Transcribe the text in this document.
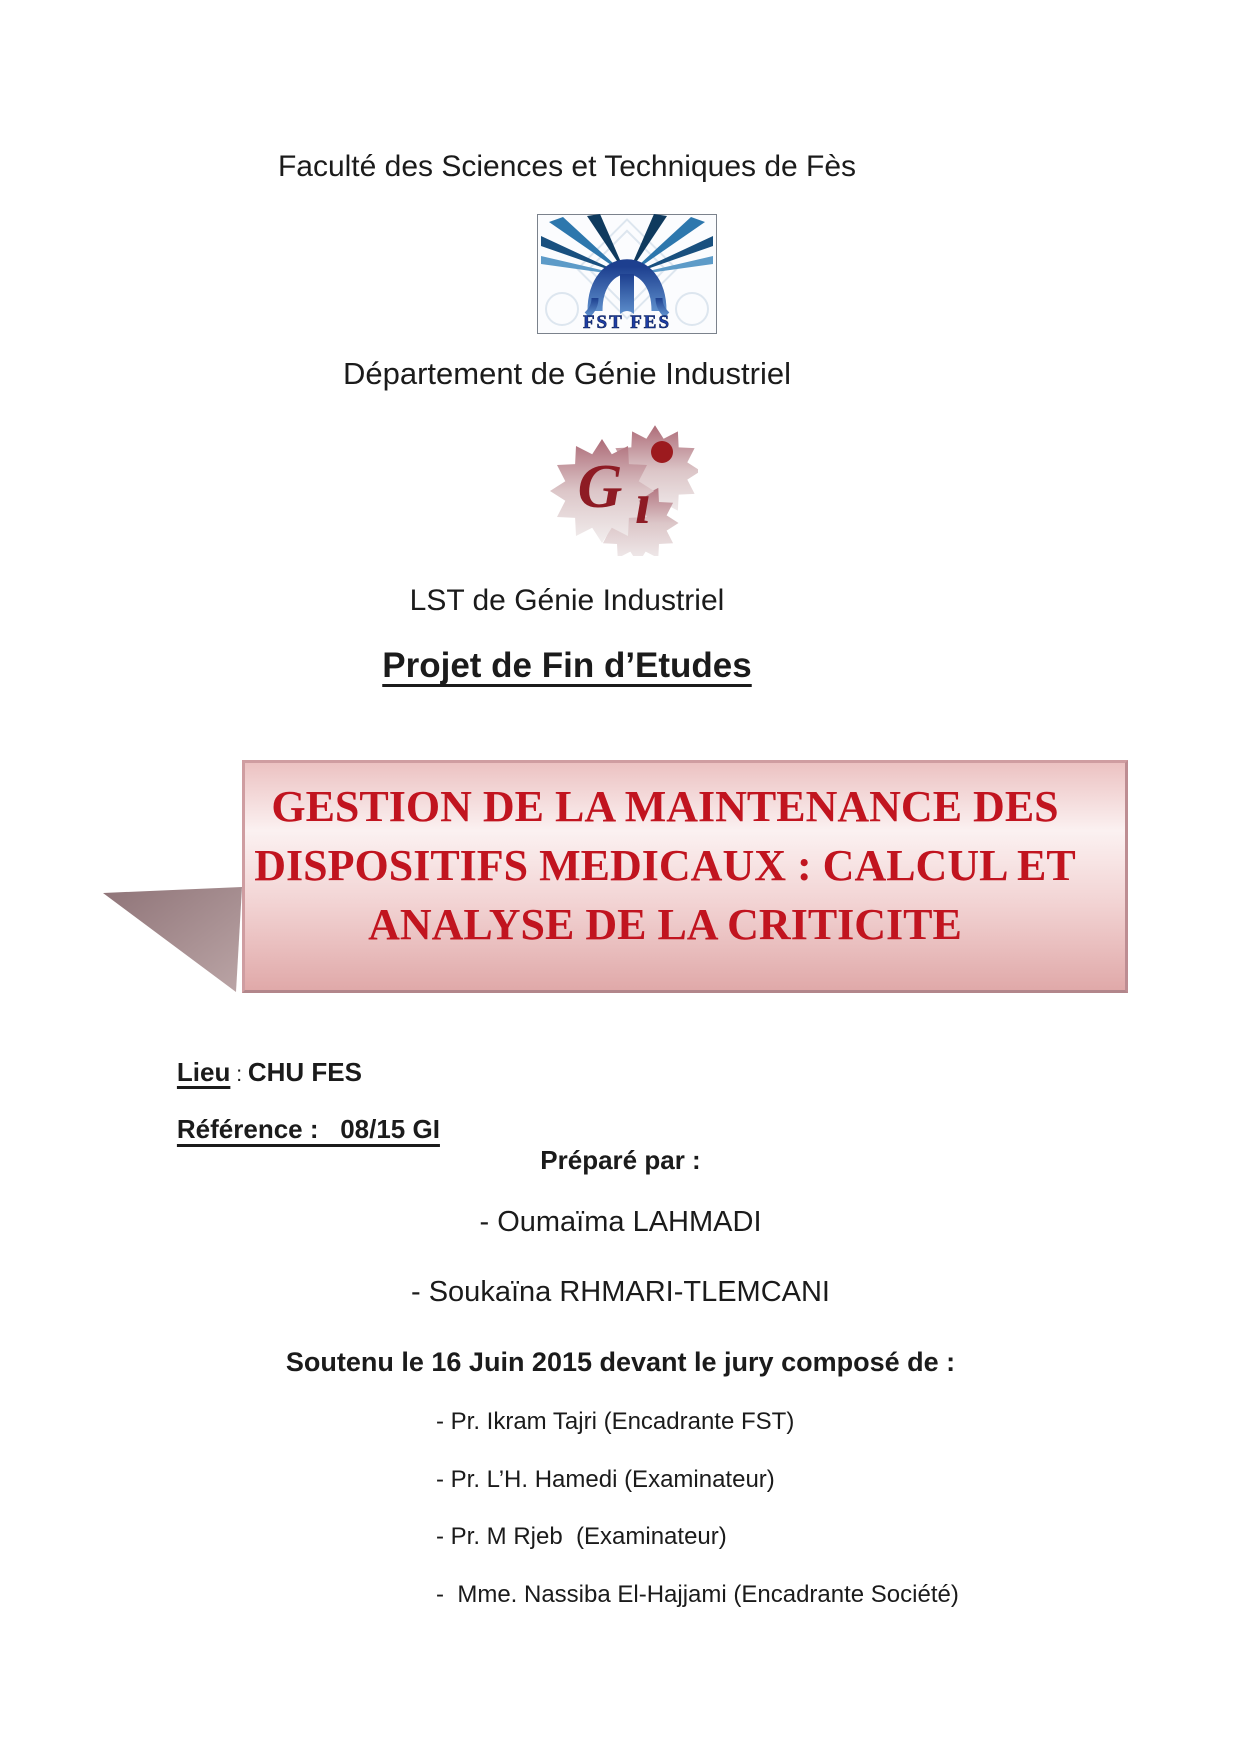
Faculté des Sciences et Techniques de Fès
FST FES
Département de Génie Industriel
G ı
LST de Génie Industriel
Projet de Fin d’Etudes
GESTION DE LA MAINTENANCE DES
DISPOSITIFS MEDICAUX : CALCUL ET
ANALYSE DE LA CRITICITE

Lieu : CHU FES

Référence :   08/15 GI

Préparé par :
- Oumaïma LAHMADI
- Soukaïna RHMARI-TLEMCANI
Soutenu le 16 Juin 2015 devant le jury composé de :
- Pr. Ikram Tajri (Encadrante FST)
- Pr. L’H. Hamedi (Examinateur)
- Pr. M Rjeb  (Examinateur)
-  Mme. Nassiba El-Hajjami (Encadrante Société)
